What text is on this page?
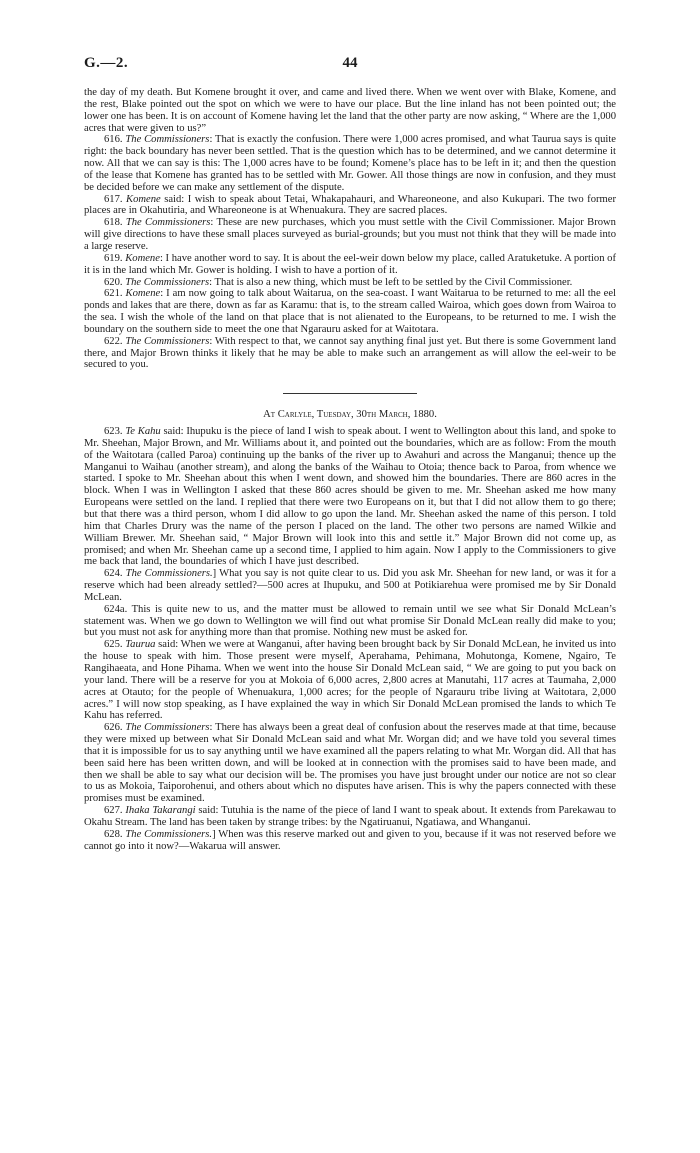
G.—2.	44

the day of my death. But Komene brought it over, and came and lived there. When we went over with Blake, Komene, and the rest, Blake pointed out the spot on which we were to have our place. But the line inland has not been pointed out; the lower one has been. It is on account of Komene having let the land that the other party are now asking, “ Where are the 1,000 acres that were given to us?”

616. The Commissioners: That is exactly the confusion. There were 1,000 acres promised, and what Taurua says is quite right: the back boundary has never been settled. That is the question which has to be determined, and we cannot determine it now. All that we can say is this: The 1,000 acres have to be found; Komene’s place has to be left in it; and then the question of the lease that Komene has granted has to be settled with Mr. Gower. All those things are now in confusion, and they must be decided before we can make any settlement of the dispute.

617. Komene said: I wish to speak about Tetai, Whakapahauri, and Whareoneone, and also Kukupari. The two former places are in Okahutiria, and Whareoneone is at Whenuakura. They are sacred places.

618. The Commissioners: These are new purchases, which you must settle with the Civil Commissioner. Major Brown will give directions to have these small places surveyed as burial-grounds; but you must not think that they will be made into a large reserve.

619. Komene: I have another word to say. It is about the eel-weir down below my place, called Aratuketuke. A portion of it is in the land which Mr. Gower is holding. I wish to have a portion of it.

620. The Commissioners: That is also a new thing, which must be left to be settled by the Civil Commissioner.

621. Komene: I am now going to talk about Waitarua, on the sea-coast. I want Waitarua to be returned to me: all the eel ponds and lakes that are there, down as far as Karamu: that is, to the stream called Wairoa, which goes down from Wairoa to the sea. I wish the whole of the land on that place that is not alienated to the Europeans, to be returned to me. I wish the boundary on the southern side to meet the one that Ngarauru asked for at Waitotara.

622. The Commissioners: With respect to that, we cannot say anything final just yet. But there is some Government land there, and Major Brown thinks it likely that he may be able to make such an arrangement as will allow the eel-weir to be secured to you.

At Carlyle, Tuesday, 30th March, 1880.

623. Te Kahu said: Ihupuku is the piece of land I wish to speak about. I went to Wellington about this land, and spoke to Mr. Sheehan, Major Brown, and Mr. Williams about it, and pointed out the boundaries, which are as follow: From the mouth of the Waitotara (called Paroa) continuing up the banks of the river up to Awahuri and across the Manganui; thence up the Manganui to Waihau (another stream), and along the banks of the Waihau to Otoia; thence back to Paroa, from whence we started. I spoke to Mr. Sheehan about this when I went down, and showed him the boundaries. There are 860 acres in the block. When I was in Wellington I asked that these 860 acres should be given to me. Mr. Sheehan asked me how many Europeans were settled on the land. I replied that there were two Europeans on it, but that I did not allow them to go there; but that there was a third person, whom I did allow to go upon the land. Mr. Sheehan asked the name of this person. I told him that Charles Drury was the name of the person I placed on the land. The other two persons are named Wilkie and William Brewer. Mr. Sheehan said, “ Major Brown will look into this and settle it.” Major Brown did not come up, as promised; and when Mr. Sheehan came up a second time, I applied to him again. Now I apply to the Commissioners to give me back that land, the boundaries of which I have just described.

624. The Commissioners.] What you say is not quite clear to us. Did you ask Mr. Sheehan for new land, or was it for a reserve which had been already settled?—500 acres at Ihupuku, and 500 at Potikiarehua were promised me by Sir Donald McLean.

624a. This is quite new to us, and the matter must be allowed to remain until we see what Sir Donald McLean’s statement was. When we go down to Wellington we will find out what promise Sir Donald McLean really did make to you; but you must not ask for anything more than that promise. Nothing new must be asked for.

625. Taurua said: When we were at Wanganui, after having been brought back by Sir Donald McLean, he invited us into the house to speak with him. Those present were myself, Aperahama, Pehimana, Mohutonga, Komene, Ngairo, Te Rangihaeata, and Hone Pihama. When we went into the house Sir Donald McLean said, “ We are going to put you back on your land. There will be a reserve for you at Mokoia of 6,000 acres, 2,800 acres at Manutahi, 117 acres at Taumaha, 2,000 acres at Otauto; for the people of Whenuakura, 1,000 acres; for the people of Ngarauru tribe living at Waitotara, 2,000 acres.” I will now stop speaking, as I have explained the way in which Sir Donald McLean promised the lands to which Te Kahu has referred.

626. The Commissioners: There has always been a great deal of confusion about the reserves made at that time, because they were mixed up between what Sir Donald McLean said and what Mr. Worgan did; and we have told you several times that it is impossible for us to say anything until we have examined all the papers relating to what Mr. Worgan did. All that has been said here has been written down, and will be looked at in connection with the promises said to have been made, and then we shall be able to say what our decision will be. The promises you have just brought under our notice are not so clear to us as Mokoia, Taiporohenui, and others about which no disputes have arisen. This is why the papers connected with these promises must be examined.

627. Ihaka Takarangi said: Tutuhia is the name of the piece of land I want to speak about. It extends from Parekawau to Okahu Stream. The land has been taken by strange tribes: by the Ngatiruanui, Ngatiawa, and Whanganui.

628. The Commissioners.] When was this reserve marked out and given to you, because if it was not reserved before we cannot go into it now?—Wakarua will answer.
